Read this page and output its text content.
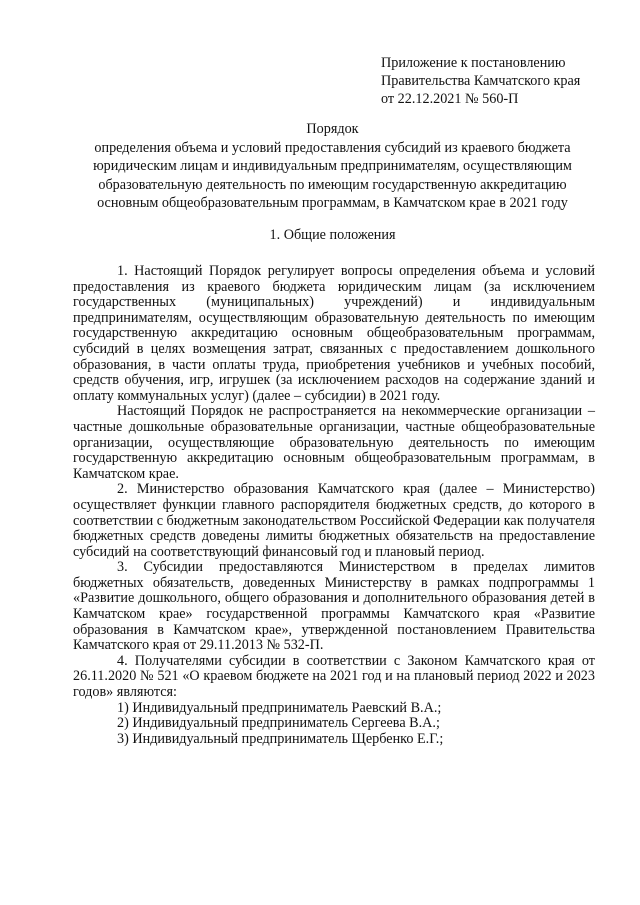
Приложение к постановлению
Правительства Камчатского края
от 22.12.2021 № 560-П
Порядок
определения объема и условий предоставления субсидий из краевого бюджета
юридическим лицам и индивидуальным предпринимателям, осуществляющим
образовательную деятельность по имеющим государственную аккредитацию
основным общеобразовательным программам, в Камчатском крае в 2021 году
1. Общие положения

1. Настоящий Порядок регулирует вопросы определения объема и условий предоставления из краевого бюджета юридическим лицам (за исключением государственных (муниципальных) учреждений) и индивидуальным предпринимателям, осуществляющим образовательную деятельность по имеющим государственную аккредитацию основным общеобразовательным программам, субсидий в целях возмещения затрат, связанных с предоставлением дошкольного образования, в части оплаты труда, приобретения учебников и учебных пособий, средств обучения, игр, игрушек (за исключением расходов на содержание зданий и оплату коммунальных услуг) (далее – субсидии) в 2021 году.

Настоящий Порядок не распространяется на некоммерческие организации – частные дошкольные образовательные организации, частные общеобразовательные организации, осуществляющие образовательную деятельность по имеющим государственную аккредитацию основным общеобразовательным программам, в Камчатском крае.

2. Министерство образования Камчатского края (далее – Министерство) осуществляет функции главного распорядителя бюджетных средств, до которого в соответствии с бюджетным законодательством Российской Федерации как получателя бюджетных средств доведены лимиты бюджетных обязательств на предоставление субсидий на соответствующий финансовый год и плановый период.

3. Субсидии предоставляются Министерством в пределах лимитов бюджетных обязательств, доведенных Министерству в рамках подпрограммы 1 «Развитие дошкольного, общего образования и дополнительного образования детей в Камчатском крае» государственной программы Камчатского края «Развитие образования в Камчатском крае», утвержденной постановлением Правительства Камчатского края от 29.11.2013 № 532-П.

4. Получателями субсидии в соответствии с Законом Камчатского края от 26.11.2020 № 521 «О краевом бюджете на 2021 год и на плановый период 2022 и 2023 годов» являются:

1) Индивидуальный предприниматель Раевский В.А.;

2) Индивидуальный предприниматель Сергеева В.А.;

3) Индивидуальный предприниматель Щербенко Е.Г.;
